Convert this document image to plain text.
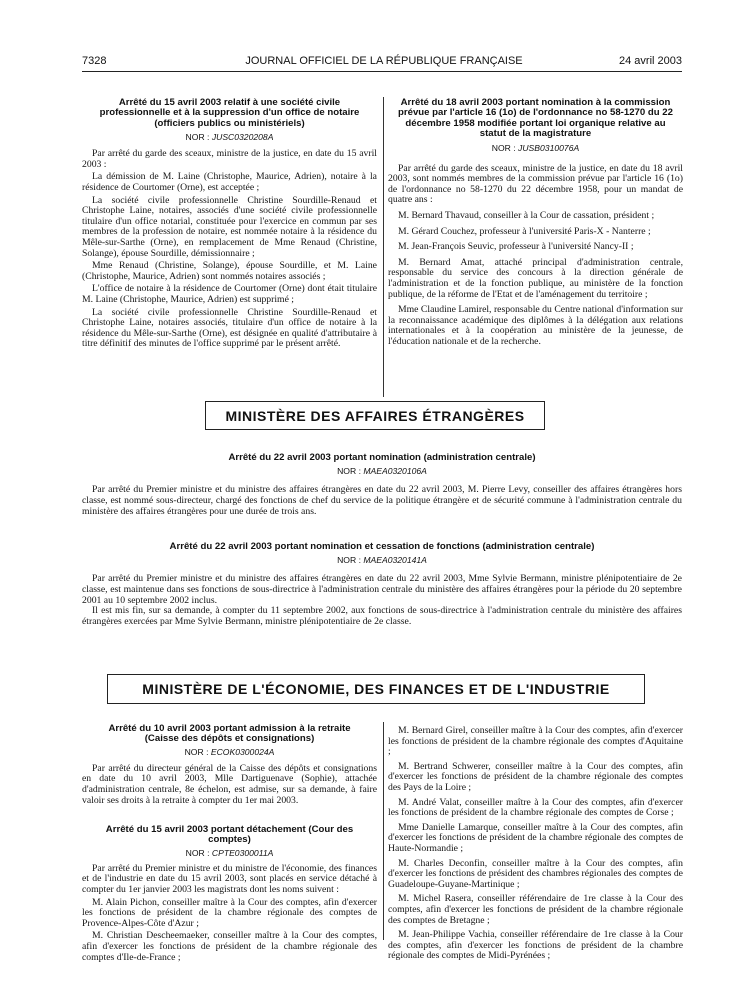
7328	JOURNAL OFFICIEL DE LA RÉPUBLIQUE FRANÇAISE	24 avril 2003
Arrêté du 15 avril 2003 relatif à une société civile professionnelle et à la suppression d'un office de notaire (officiers publics ou ministériels)
NOR : JUSC0320208A

Par arrêté du garde des sceaux, ministre de la justice, en date du 15 avril 2003 :

La démission de M. Laine (Christophe, Maurice, Adrien), notaire à la résidence de Courtomer (Orne), est acceptée ;

La société civile professionnelle Christine Sourdille-Renaud et Christophe Laine, notaires, associés d'une société civile professionnelle titulaire d'un office notarial, constituée pour l'exercice en commun par ses membres de la profession de notaire, est nommée notaire à la résidence du Mêle-sur-Sarthe (Orne), en remplacement de Mme Renaud (Christine, Solange), épouse Sourdille, démissionnaire ;

Mme Renaud (Christine, Solange), épouse Sourdille, et M. Laine (Christophe, Maurice, Adrien) sont nommés notaires associés ;

L'office de notaire à la résidence de Courtomer (Orne) dont était titulaire M. Laine (Christophe, Maurice, Adrien) est supprimé ;

La société civile professionnelle Christine Sourdille-Renaud et Christophe Laine, notaires associés, titulaire d'un office de notaire à la résidence du Mêle-sur-Sarthe (Orne), est désignée en qualité d'attributaire à titre définitif des minutes de l'office supprimé par le présent arrêté.

Arrêté du 18 avril 2003 portant nomination à la commission prévue par l'article 16 (1o) de l'ordonnance no 58-1270 du 22 décembre 1958 modifiée portant loi organique relative au statut de la magistrature
NOR : JUSB0310076A

Par arrêté du garde des sceaux, ministre de la justice, en date du 18 avril 2003, sont nommés membres de la commission prévue par l'article 16 (1o) de l'ordonnance no 58-1270 du 22 décembre 1958, pour un mandat de quatre ans :

M. Bernard Thavaud, conseiller à la Cour de cassation, président ;

M. Gérard Couchez, professeur à l'université Paris-X - Nanterre ;

M. Jean-François Seuvic, professeur à l'université Nancy-II ;

M. Bernard Amat, attaché principal d'administration centrale, responsable du service des concours à la direction générale de l'administration et de la fonction publique, au ministère de la fonction publique, de la réforme de l'Etat et de l'aménagement du territoire ;

Mme Claudine Lamirel, responsable du Centre national d'information sur la reconnaissance académique des diplômes à la délégation aux relations internationales et à la coopération au ministère de la jeunesse, de l'éducation nationale et de la recherche.

MINISTÈRE DES AFFAIRES ÉTRANGÈRES
Arrêté du 22 avril 2003 portant nomination (administration centrale)
NOR : MAEA0320106A

Par arrêté du Premier ministre et du ministre des affaires étrangères en date du 22 avril 2003, M. Pierre Levy, conseiller des affaires étrangères hors classe, est nommé sous-directeur, chargé des fonctions de chef du service de la politique étrangère et de sécurité commune à l'administration centrale du ministère des affaires étrangères pour une durée de trois ans.

Arrêté du 22 avril 2003 portant nomination et cessation de fonctions (administration centrale)
NOR : MAEA0320141A

Par arrêté du Premier ministre et du ministre des affaires étrangères en date du 22 avril 2003, Mme Sylvie Bermann, ministre plénipotentiaire de 2e classe, est maintenue dans ses fonctions de sous-directrice à l'administration centrale du ministère des affaires étrangères pour la période du 20 septembre 2001 au 10 septembre 2002 inclus.

Il est mis fin, sur sa demande, à compter du 11 septembre 2002, aux fonctions de sous-directrice à l'administration centrale du ministère des affaires étrangères exercées par Mme Sylvie Bermann, ministre plénipotentiaire de 2e classe.

MINISTÈRE DE L'ÉCONOMIE, DES FINANCES ET DE L'INDUSTRIE
Arrêté du 10 avril 2003 portant admission à la retraite (Caisse des dépôts et consignations)
NOR : ECOK0300024A

Par arrêté du directeur général de la Caisse des dépôts et consignations en date du 10 avril 2003, Mlle Dartiguenave (Sophie), attachée d'administration centrale, 8e échelon, est admise, sur sa demande, à faire valoir ses droits à la retraite à compter du 1er mai 2003.

Arrêté du 15 avril 2003 portant détachement (Cour des comptes)
NOR : CPTE0300011A

Par arrêté du Premier ministre et du ministre de l'économie, des finances et de l'industrie en date du 15 avril 2003, sont placés en service détaché à compter du 1er janvier 2003 les magistrats dont les noms suivent :

M. Alain Pichon, conseiller maître à la Cour des comptes, afin d'exercer les fonctions de président de la chambre régionale des comptes de Provence-Alpes-Côte d'Azur ;

M. Christian Descheemaeker, conseiller maître à la Cour des comptes, afin d'exercer les fonctions de président de la chambre régionale des comptes d'Ile-de-France ;

M. Bernard Girel, conseiller maître à la Cour des comptes, afin d'exercer les fonctions de président de la chambre régionale des comptes d'Aquitaine ;

M. Bertrand Schwerer, conseiller maître à la Cour des comptes, afin d'exercer les fonctions de président de la chambre régionale des comptes des Pays de la Loire ;

M. André Valat, conseiller maître à la Cour des comptes, afin d'exercer les fonctions de président de la chambre régionale des comptes de Corse ;

Mme Danielle Lamarque, conseiller maître à la Cour des comptes, afin d'exercer les fonctions de président de la chambre régionale des comptes de Haute-Normandie ;

M. Charles Deconfin, conseiller maître à la Cour des comptes, afin d'exercer les fonctions de président des chambres régionales des comptes de Guadeloupe-Guyane-Martinique ;

M. Michel Rasera, conseiller référendaire de 1re classe à la Cour des comptes, afin d'exercer les fonctions de président de la chambre régionale des comptes de Bretagne ;

M. Jean-Philippe Vachia, conseiller référendaire de 1re classe à la Cour des comptes, afin d'exercer les fonctions de président de la chambre régionale des comptes de Midi-Pyrénées ;
